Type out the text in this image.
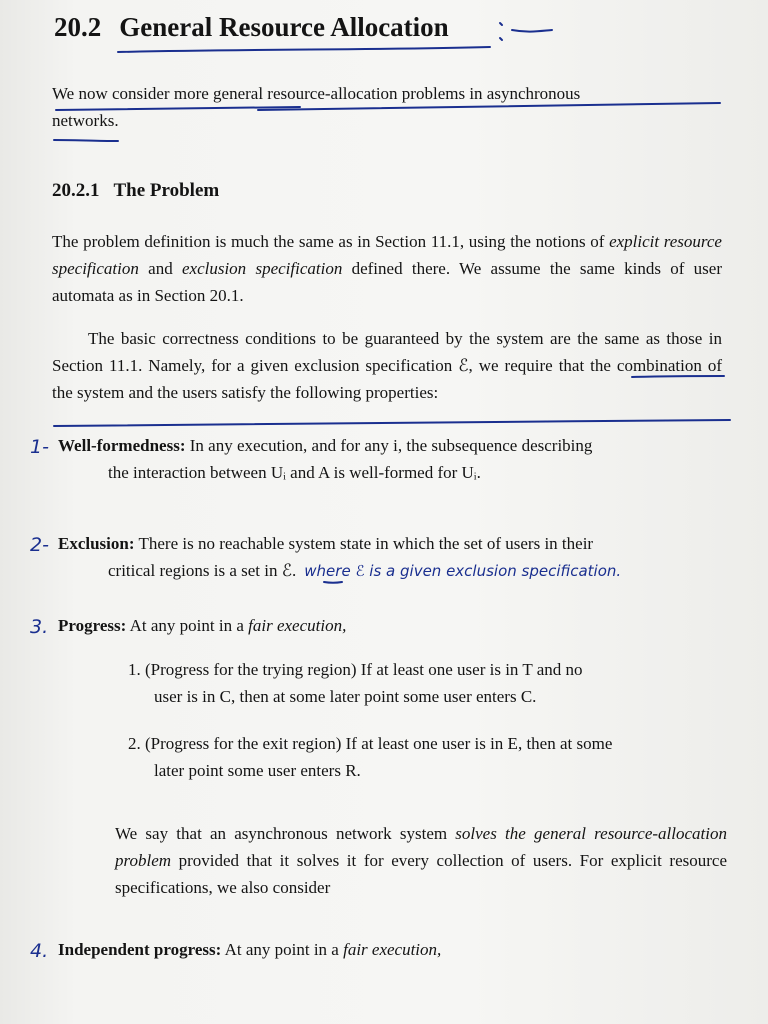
20.2 General Resource Allocation
We now consider more general resource-allocation problems in asynchronous
networks.
20.2.1 The Problem
The problem definition is much the same as in Section 11.1, using the notions of explicit resource specification and exclusion specification defined there. We assume the same kinds of user automata as in Section 20.1.
The basic correctness conditions to be guaranteed by the system are the same as those in Section 11.1. Namely, for a given exclusion specification ℰ, we require that the combination of the system and the users satisfy the following properties:
1- Well-formedness: In any execution, and for any i, the subsequence describing
the interaction between Uᵢ and A is well-formed for Uᵢ.
2- Exclusion: There is no reachable system state in which the set of users in their
critical regions is a set in ℰ. where ℰ is a given exclusion specification.
3. Progress: At any point in a fair execution,
1. (Progress for the trying region) If at least one user is in T and no
user is in C, then at some later point some user enters C.
2. (Progress for the exit region) If at least one user is in E, then at some
later point some user enters R.
We say that an asynchronous network system solves the general resource-allocation problem provided that it solves it for every collection of users. For explicit resource specifications, we also consider
4. Independent progress: At any point in a fair execution,
